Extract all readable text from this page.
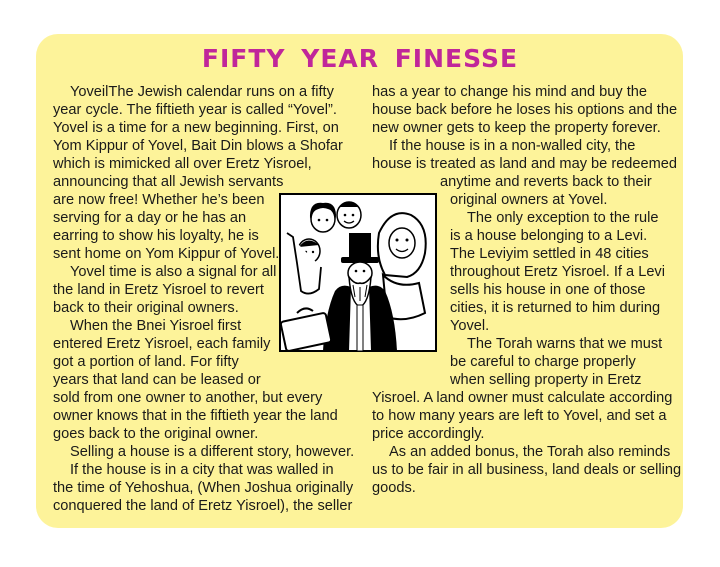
FIFTY YEAR FINESSE
YoveilThe Jewish calendar runs on a fifty
year cycle. The fiftieth year is called “Yovel”.
Yovel is a time for a new beginning. First, on
Yom Kippur of Yovel, Bait Din blows a Shofar
which is mimicked all over Eretz Yisroel,
announcing that all Jewish servants
are now free! Whether he’s been
serving for a day or he has an
earring to show his loyalty, he is
sent home on Yom Kippur of Yovel.
Yovel time is also a signal for all
the land in Eretz Yisroel to revert
back to their original owners.
When the Bnei Yisroel first
entered Eretz Yisroel, each family
got a portion of land. For fifty
years that land can be leased or
sold from one owner to another, but every
owner knows that in the fiftieth year the land
goes back to the original owner.
Selling a house is a different story, however.
If the house is in a city that was walled in
the time of Yehoshua, (When Joshua originally
conquered the land of Eretz Yisroel), the seller
has a year to change his mind and buy the
house back before he loses his options and the
new owner gets to keep the property forever.
If the house is in a non-walled city, the
house is treated as land and may be redeemed
anytime and reverts back to their
original owners at Yovel.
The only exception to the rule
is a house belonging to a Levi.
The Leviyim settled in 48 cities
throughout Eretz Yisroel. If a Levi
sells his house in one of those
cities, it is returned to him during
Yovel.
The Torah warns that we must
be careful to charge properly
when selling property in Eretz
Yisroel. A land owner must calculate according
to how many years are left to Yovel, and set a
price accordingly.
As an added bonus, the Torah also reminds
us to be fair in all business, land deals or selling
goods.
